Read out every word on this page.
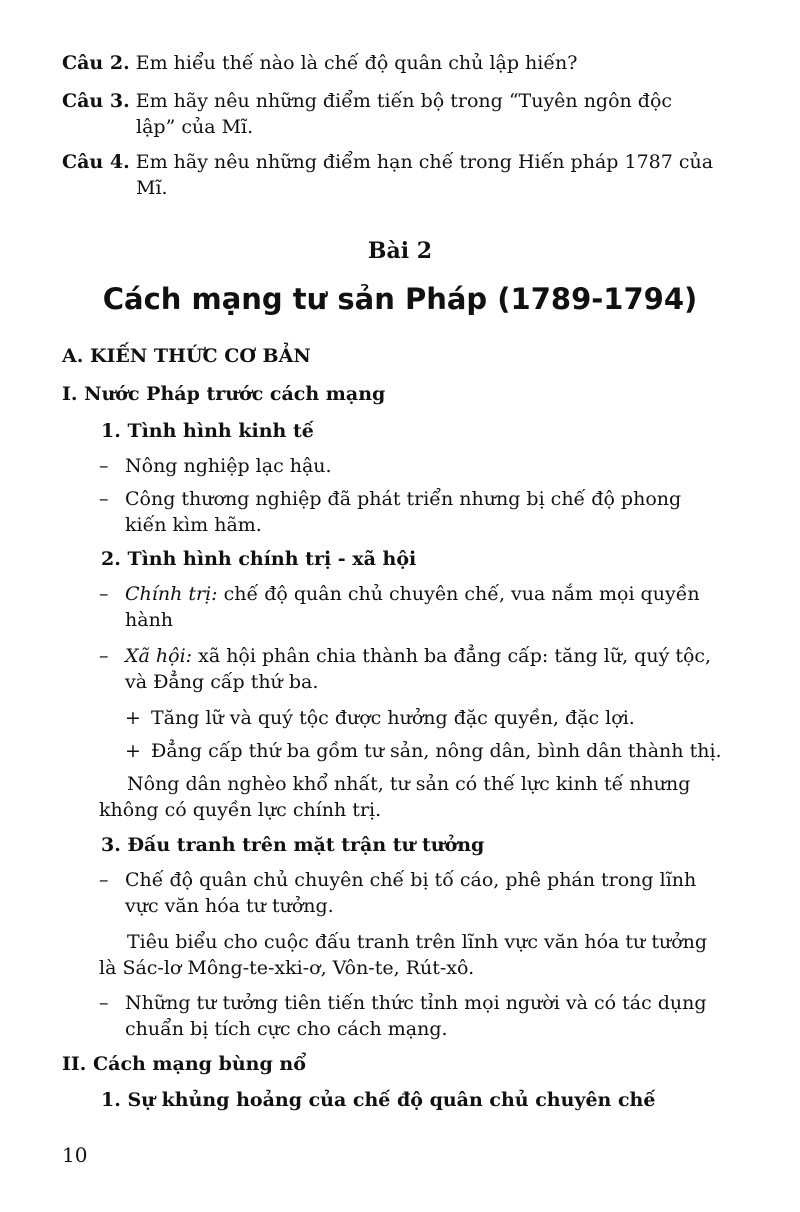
Câu 2. Em hiểu thế nào là chế độ quân chủ lập hiến?
Câu 3. Em hãy nêu những điểm tiến bộ trong “Tuyên ngôn độc
lập” của Mĩ.
Câu 4. Em hãy nêu những điểm hạn chế trong Hiến pháp 1787 của
Mĩ.
Bài 2
Cách mạng tư sản Pháp (1789-1794)
A. KIẾN THỨC CƠ BẢN
I. Nước Pháp trước cách mạng
1. Tình hình kinh tế
– Nông nghiệp lạc hậu.
– Công thương nghiệp đã phát triển nhưng bị chế độ phong
kiến kìm hãm.
2. Tình hình chính trị - xã hội
– Chính trị: chế độ quân chủ chuyên chế, vua nắm mọi quyền
hành
– Xã hội: xã hội phân chia thành ba đẳng cấp: tăng lữ, quý tộc,
và Đẳng cấp thứ ba.
+ Tăng lữ và quý tộc được hưởng đặc quyền, đặc lợi.
+ Đẳng cấp thứ ba gồm tư sản, nông dân, bình dân thành thị.
Nông dân nghèo khổ nhất, tư sản có thế lực kinh tế nhưng
không có quyền lực chính trị.
3. Đấu tranh trên mặt trận tư tưởng
– Chế độ quân chủ chuyên chế bị tố cáo, phê phán trong lĩnh
vực văn hóa tư tưởng.
Tiêu biểu cho cuộc đấu tranh trên lĩnh vực văn hóa tư tưởng
là Sác-lơ Mông-te-xki-ơ, Vôn-te, Rút-xô.
– Những tư tưởng tiên tiến thức tỉnh mọi người và có tác dụng
chuẩn bị tích cực cho cách mạng.
II. Cách mạng bùng nổ
1. Sự khủng hoảng của chế độ quân chủ chuyên chế
10
